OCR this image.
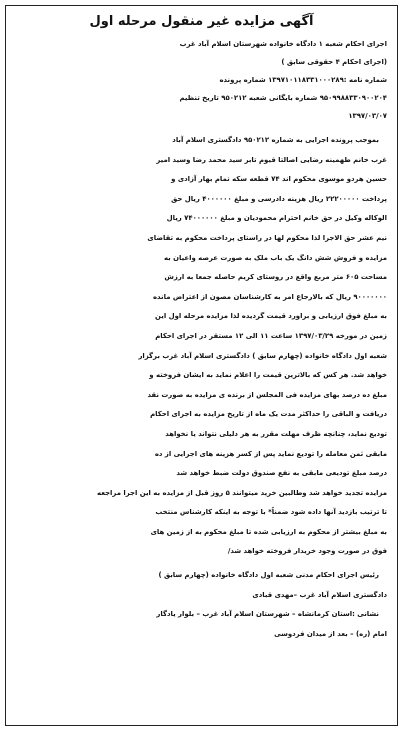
آگهی مزایده غیر منقول مرحله اول
اجرای احکام شعبه ۱ دادگاه خانواده شهرستان اسلام آباد غرب
(اجرای احکام ۴ حقوقی سابق )
شماره نامه :۱۳۹۷۱۰۱۱۸۳۳۱۰۰۰۲۸۹ شماره پرونده
۹۵۰۹۹۸۸۳۳۰۹۰۰۲۰۴ شماره بایگانی شعبه ۹۵۰۲۱۲ تاریخ تنظیم
۱۳۹۷/۰۳/۰۷
بموجب پرونده اجرایی به شماره ۹۵۰۲۱۲ دادگستری اسلام آباد
غرب خانم طهمینه رضایی اصالتا قیوم تابر سید محمد رضا وسید امیر
حسین هردو موسوی محکوم اند ۷۴ قطعه سکه تمام بهار آزادی و
پرداخت ۲۲۲۰۰۰۰۰ ریال هزینه دادرسی و مبلغ ۴۰۰۰۰۰۰ ریال حق
الوکاله وکیل در حق خانم احترام محمودیان و مبلغ ۷۴۰۰۰۰۰۰ ریال
نیم عشر حق الاجرا لذا محکوم لها در راستای پرداخت محکوم به تقاضای
مزایده و فروش شش دانگ یک باب ملک به صورت عرصه واعیان به
مساحت ۶۰۵ متر مربع واقع در روستای کریم حاصله جمعا به ارزش
۹۰۰۰۰۰۰۰ ریال که بالارجاع امر به کارشناسان مصون از اعتراض مانده
به مبلغ فوق ارزیابی و براورد قیمت گردیده لذا مزایده مرحله اول این
زمین در مورخه ۱۳۹۷/۰۳/۲۹ ساعت ۱۱ الی ۱۲ مستقر در اجرای احکام
شعبه اول دادگاه خانواده (چهارم سابق ) دادگستری اسلام آباد غرب برگزار
خواهد شد. هر کس که بالاترین قیمت را اعلام نماید به ایشان فروخته و
مبلغ ده درصد بهای مزایده فی المجلس از برنده ی مزایده به صورت نقد
دریافت و الباقی را حداکثر مدت یک ماه از تاریخ مزایده به اجرای احکام
تودیع نماید، چنانچه ظرف مهلت مقرر به هر دلیلی نتواند یا نخواهد
مابقی ثمن معامله را تودیع نماید پس از کسر هزینه های اجرایی از ده
درصد مبلغ تودیعی مابقی به نفع صندوق دولت ضبط خواهد شد
مزایده تجدید خواهد شد وطالبین خرید میتوانند ۵ روز قبل از مزایده به این اجرا مراجعه
تا ترتیب بازدید آنها داده شود ضمناً* با توجه به اینکه کارشناس منتخب
به مبلغ بیشتر از محکوم به ارزیابی شده تا مبلغ محکوم به از زمین های
فوق در صورت وجود خریدار فروخته خواهد شد/
رئیس اجرای احکام مدنی شعبه اول دادگاه خانواده (چهارم سابق )
دادگستری اسلام آباد غرب –مهدی قبادی
نشانی :استان کرمانشاه – شهرستان اسلام آباد غرب – بلوار یادگار
امام (ره) – بعد از میدان فردوسی
